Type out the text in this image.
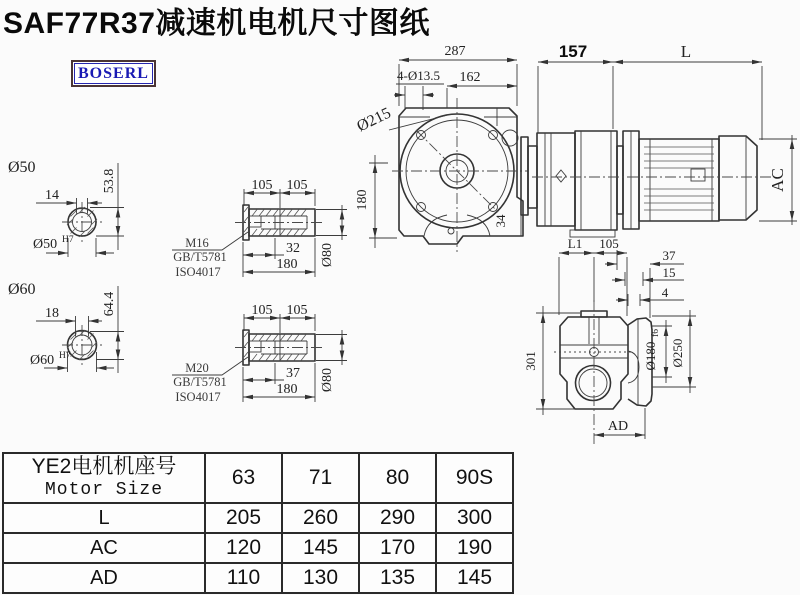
SAF77R37减速机电机尺寸图纸
BOSERL
Ø50
14
53.8
Ø50 H7
Ø60
18	64.4
Ø60 H7
105 105
32
180 Ø80
M16
GB/T5781
ISO4017
105 105
37
180 Ø80
M20
GB/T5781
ISO4017
287
162
4-Ø13.5
Ø215
180
34
157	L
AC
L1 105
37
15
4
Ø180
f6
Ø250
301
AD
YE2电机机座号
Motor Size	63	71	80	90S
L	205	260	290	300
AC	120	145	170	190
AD	110	130	135	145
